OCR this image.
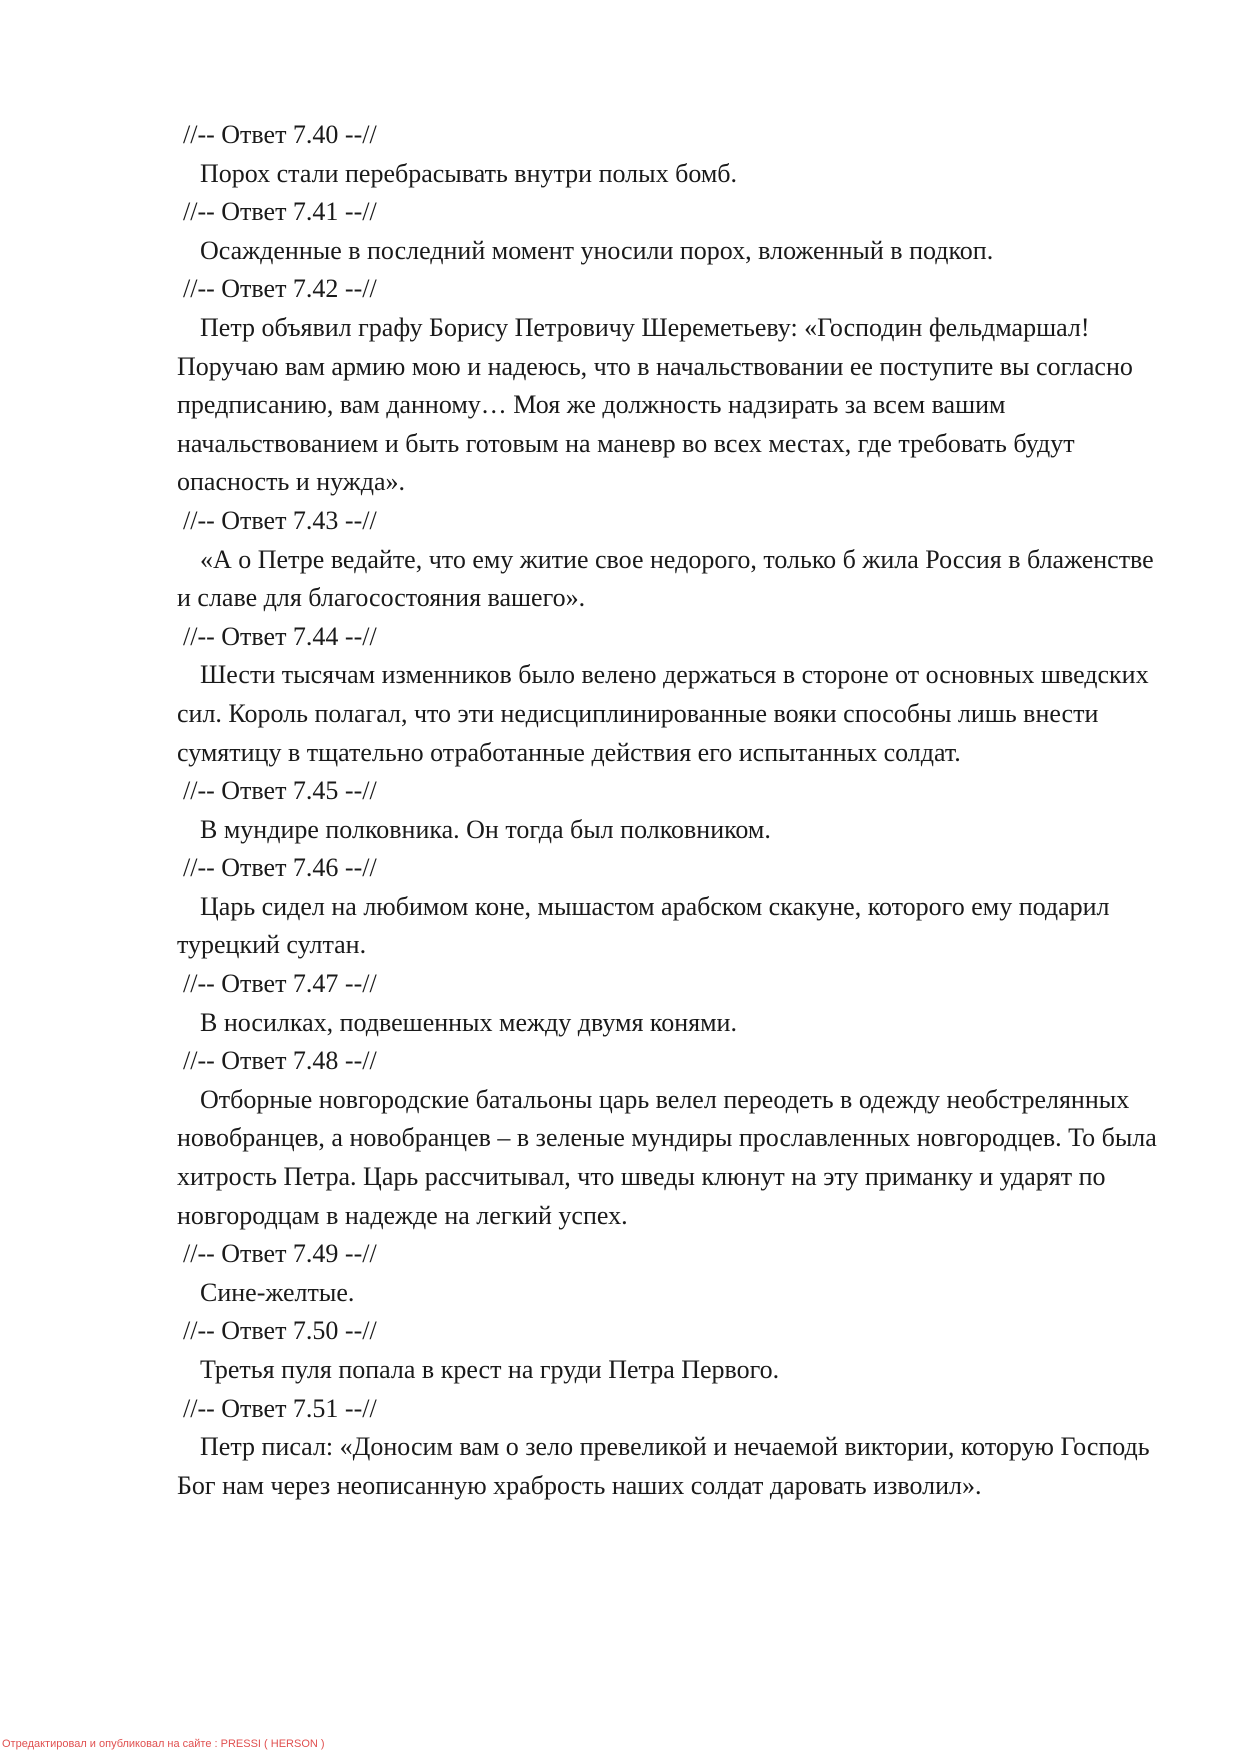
//-- Ответ 7.40 --//

Порох стали перебрасывать внутри полых бомб.

//-- Ответ 7.41 --//

Осажденные в последний момент уносили порох, вложенный в подкоп.

//-- Ответ 7.42 --//

Петр объявил графу Борису Петровичу Шереметьеву: «Господин фельдмаршал! Поручаю вам армию мою и надеюсь, что в начальствовании ее поступите вы согласно предписанию, вам данному… Моя же должность надзирать за всем вашим начальствованием и быть готовым на маневр во всех местах, где требовать будут опасность и нужда».

//-- Ответ 7.43 --//

«А о Петре ведайте, что ему житие свое недорого, только б жила Россия в блаженстве и славе для благосостояния вашего».

//-- Ответ 7.44 --//

Шести тысячам изменников было велено держаться в стороне от основных шведских сил. Король полагал, что эти недисциплинированные вояки способны лишь внести сумятицу в тщательно отработанные действия его испытанных солдат.

//-- Ответ 7.45 --//

В мундире полковника. Он тогда был полковником.

//-- Ответ 7.46 --//

Царь сидел на любимом коне, мышастом арабском скакуне, которого ему подарил турецкий султан.

//-- Ответ 7.47 --//

В носилках, подвешенных между двумя конями.

//-- Ответ 7.48 --//

Отборные новгородские батальоны царь велел переодеть в одежду необстрелянных новобранцев, а новобранцев – в зеленые мундиры прославленных новгородцев. То была хитрость Петра. Царь рассчитывал, что шведы клюнут на эту приманку и ударят по новгородцам в надежде на легкий успех.

//-- Ответ 7.49 --//

Сине-желтые.

//-- Ответ 7.50 --//

Третья пуля попала в крест на груди Петра Первого.

//-- Ответ 7.51 --//

Петр писал: «Доносим вам о зело превеликой и нечаемой виктории, которую Господь Бог нам через неописанную храбрость наших солдат даровать изволил».

Отредактировал и опубликовал на сайте : PRESSI ( HERSON )
